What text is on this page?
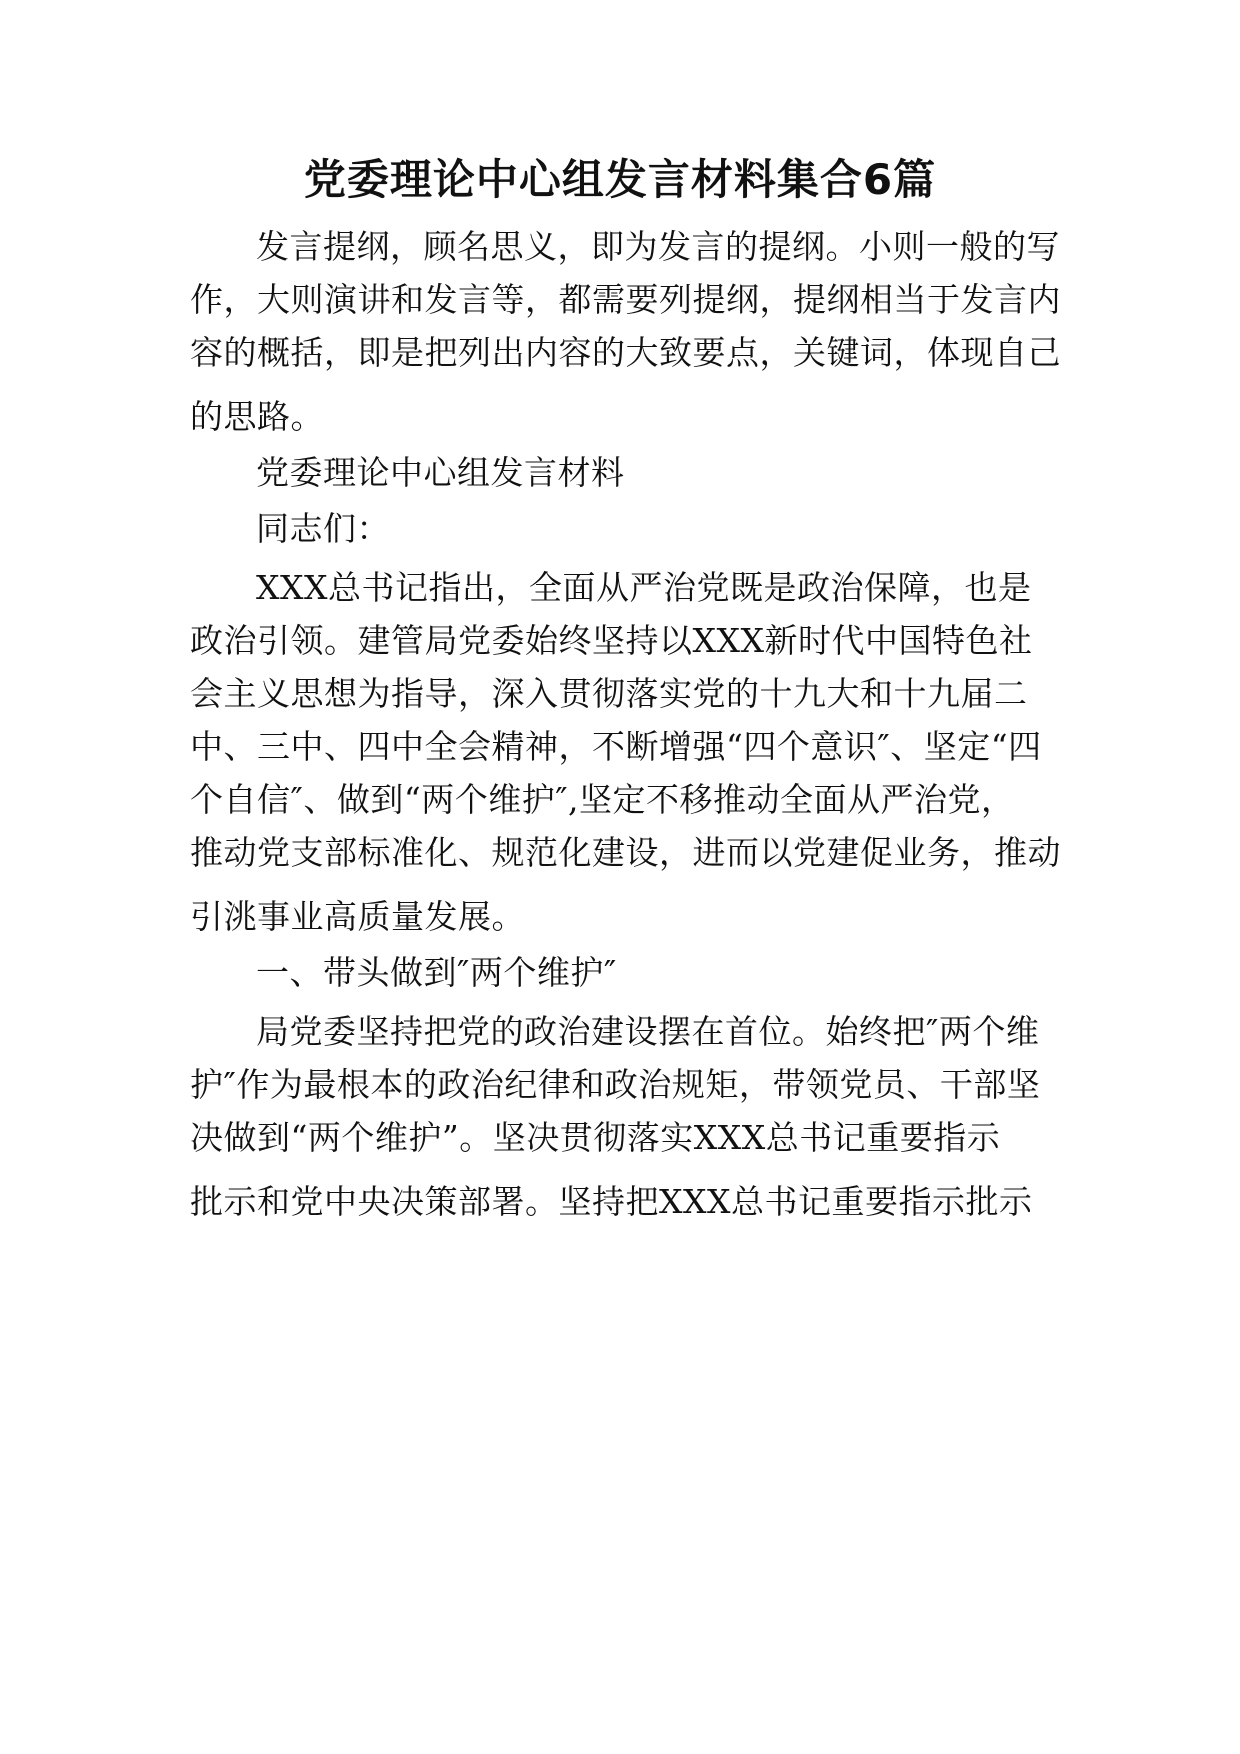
党委理论中心组发言材料集合6篇
发言提纲，顾名思义，即为发言的提纲。小则一般的写
作，大则演讲和发言等，都需要列提纲，提纲相当于发言内
容的概括，即是把列出内容的大致要点，关键词，体现自己
的思路。
党委理论中心组发言材料
同志们：
XXX总书记指出，全面从严治党既是政治保障，也是
政治引领。建管局党委始终坚持以XXX新时代中国特色社
会主义思想为指导，深入贯彻落实党的十九大和十九届二
中、三中、四中全会精神，不断增强“四个意识″、坚定“四
个自信″、做到“两个维护″,坚定不移推动全面从严治党，
推动党支部标准化、规范化建设，进而以党建促业务，推动
引洮事业高质量发展。
一、带头做到″两个维护″
局党委坚持把党的政治建设摆在首位。始终把″两个维
护″作为最根本的政治纪律和政治规矩，带领党员、干部坚
决做到“两个维护”。坚决贯彻落实XXX总书记重要指示
批示和党中央决策部署。坚持把XXX总书记重要指示批示
